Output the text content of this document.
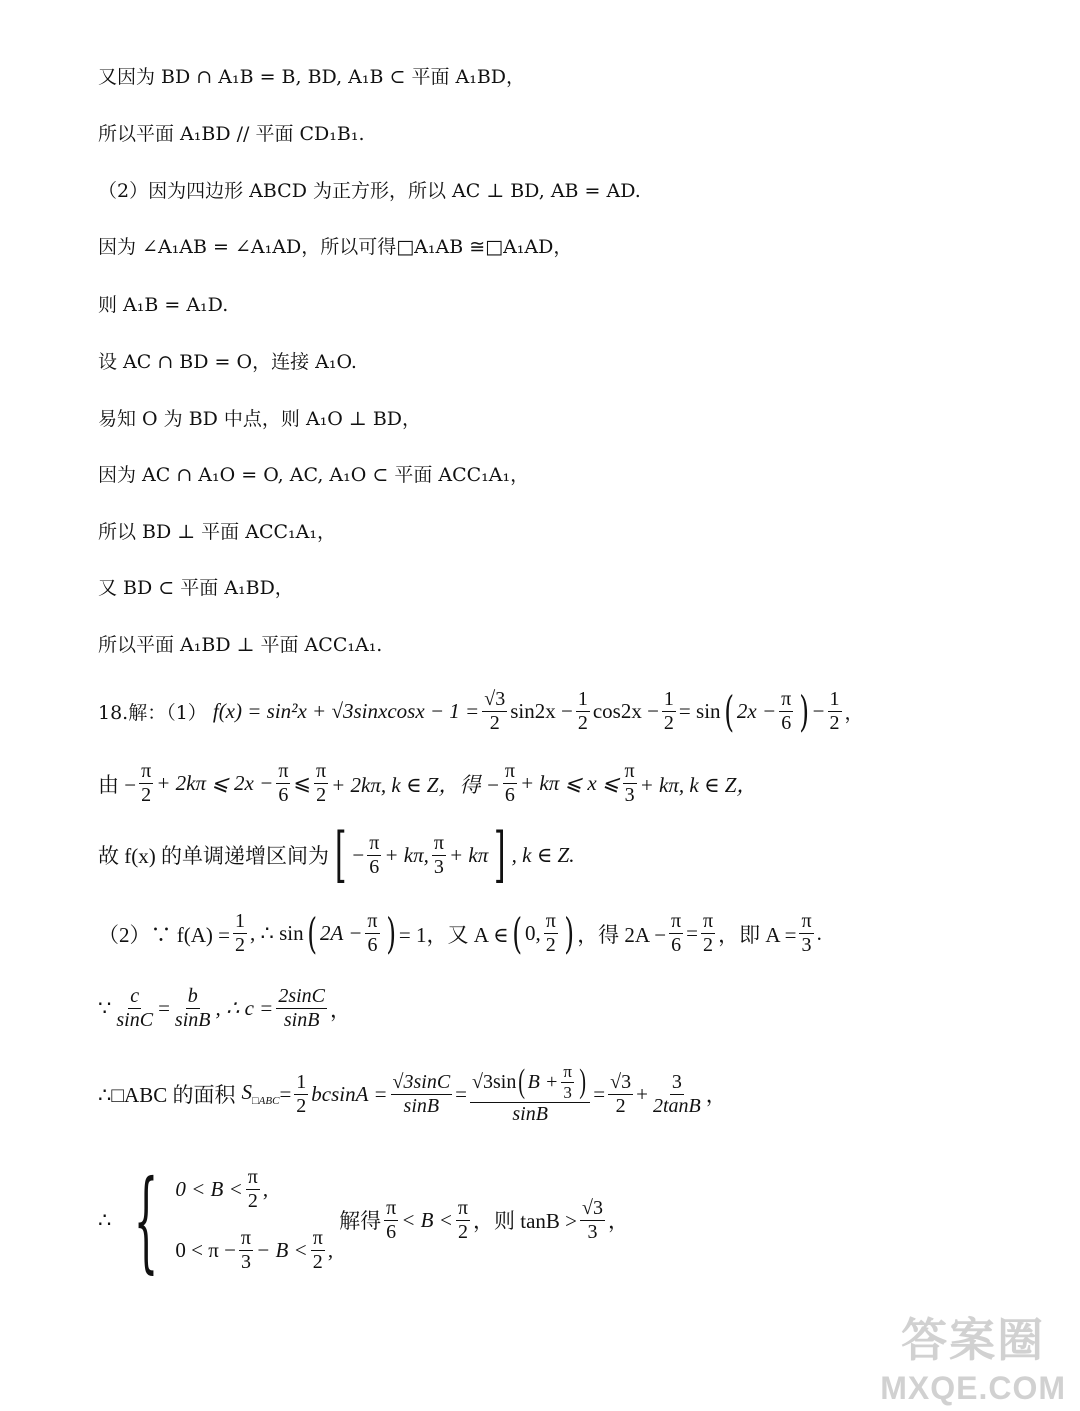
又因为 BD ∩ A₁B = B, BD, A₁B ⊂ 平面 A₁BD，
所以平面 A₁BD // 平面 CD₁B₁.
（2）因为四边形 ABCD 为正方形，所以 AC ⊥ BD, AB = AD.
因为 ∠A₁AB = ∠A₁AD，所以可得□A₁AB ≅□A₁AD，
则 A₁B = A₁D.
设 AC ∩ BD = O，连接 A₁O.
易知 O 为 BD 中点，则 A₁O ⊥ BD，
因为 AC ∩ A₁O = O, AC, A₁O ⊂ 平面 ACC₁A₁，
所以 BD ⊥ 平面 ACC₁A₁，
又 BD ⊂ 平面 A₁BD，
所以平面 A₁BD ⊥ 平面 ACC₁A₁.
18.解：（1）
f(x) = sin²x + √3sinxcosx − $1 = \frac{√3}{2} \sin 2x - \frac{1}{2} \cos 2x - \frac{1}{2} = \sin$ ( $2x - \frac{\pi}{6}$ ) − $\frac{1}{2}$ ，
由 − $\frac{\pi}{2} + 2k\pi$ ⩽ $2x - \frac{\pi}{6}$ ⩽ $\frac{\pi}{2} + 2k\pi$, k ∈ Z，得 − $\frac{\pi}{6} + k\pi$ ⩽ x ⩽ $\frac{\pi}{3} + k\pi$, k ∈ Z，
故 f(x) 的单调递增区间为 [ − $\frac{\pi}{6} + k\pi$, $\frac{\pi}{3} + k\pi$ ] , k ∈ Z.
（2）∵ $f(A) = \frac{1}{2}$ , ∴ sin ( $2A - \frac{\pi}{6}$ ) = 1，又 A ∈ ( 0, $\frac{\pi}{2}$ ) ，得 $2A - \frac{\pi}{6} = \frac{\pi}{2}$ ，即 $A = \frac{\pi}{3}$ .
∵ $\frac{c}{\sin C} = \frac{b}{\sin B}$ , ∴ $c = \frac{2\sin C}{\sin B}$ ，
∴□ABC 的面积
$S_{□ABC} = \frac{1}{2}$ $bcsinA = \frac{√3\sin C}{\sin B} = \frac{√3\sin ( B + \frac{\pi}{3} )}{\sin B} = \frac{√3}{2} + \frac{3}{2\tan B}$ ，
∴ { $0 < B < \frac{\pi}{2}$ ,
$0 < \pi - \frac{\pi}{3} - B < \frac{\pi}{2}$ ,

解得 $\frac{\pi}{6} < B < \frac{\pi}{2}$ ，则 $\tan B > \frac{√3}{3}$ ，
答案圈
MXQE.COM
